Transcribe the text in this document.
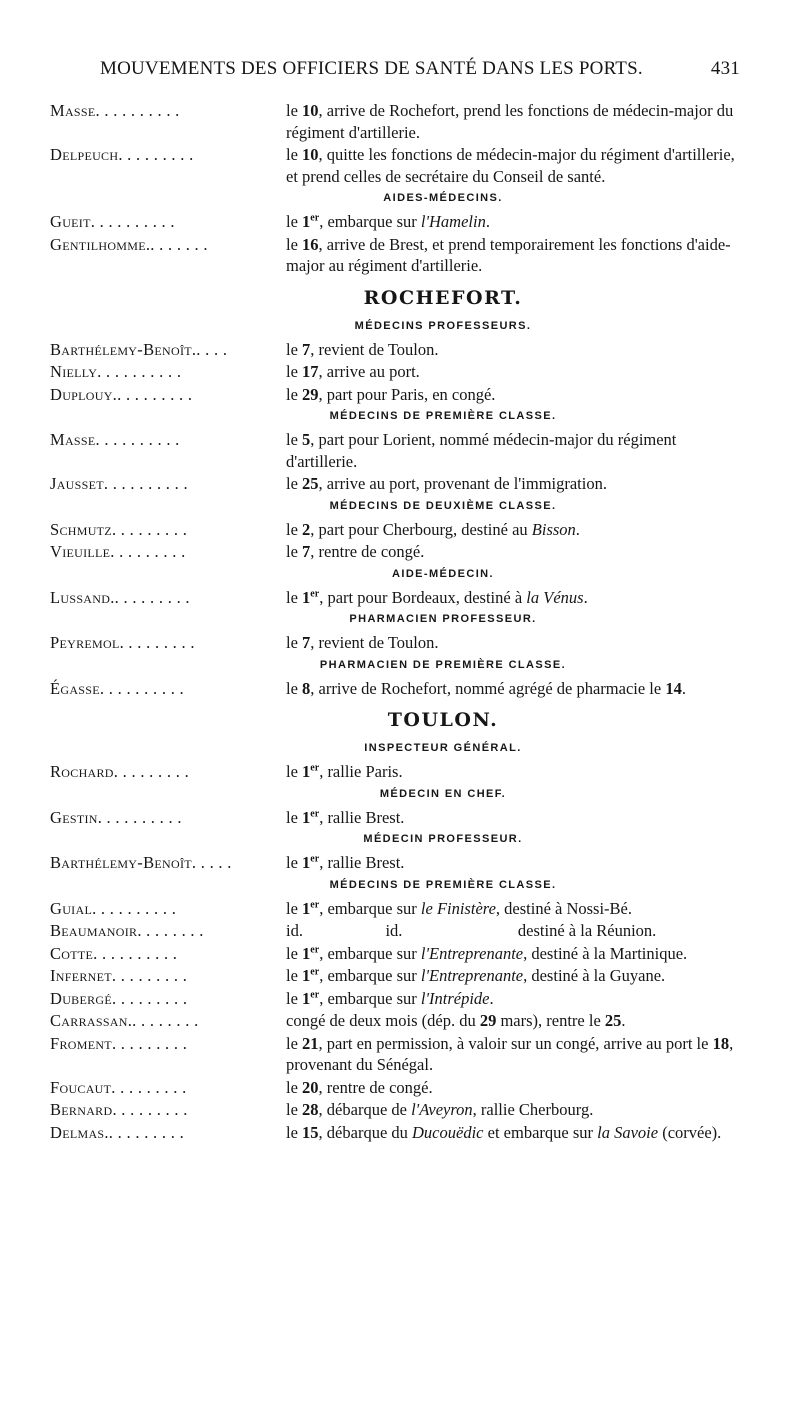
MOUVEMENTS DES OFFICIERS DE SANTÉ DANS LES PORTS.	431
Masse. . . . . . . . . .	le 10, arrive de Rochefort, prend les fonctions de médecin-major du régiment d'artillerie.
Delpeuch. . . . . . . . .	le 10, quitte les fonctions de médecin-major du régiment d'artillerie, et prend celles de secrétaire du Conseil de santé.
AIDES-MÉDECINS.
Gueit. . . . . . . . . .	le 1er, embarque sur l'Hamelin.
Gentilhomme.. . . . . . .	le 16, arrive de Brest, et prend temporairement les fonctions d'aide-major au régiment d'artillerie.
ROCHEFORT.
MÉDECINS PROFESSEURS.
Barthélemy-Benoît.. . . .	le 7, revient de Toulon.
Nielly. . . . . . . . . .	le 17, arrive au port.
Duplouy.. . . . . . . . .	le 29, part pour Paris, en congé.
MÉDECINS DE PREMIÈRE CLASSE.
Masse. . . . . . . . . .	le 5, part pour Lorient, nommé médecin-major du régiment d'artillerie.
Jausset. . . . . . . . . .	le 25, arrive au port, provenant de l'immigration.
MÉDECINS DE DEUXIÈME CLASSE.
Schmutz. . . . . . . . .	le 2, part pour Cherbourg, destiné au Bisson.
Vieuille. . . . . . . . .	le 7, rentre de congé.
AIDE-MÉDECIN.
Lussand.. . . . . . . . .	le 1er, part pour Bordeaux, destiné à la Vénus.
PHARMACIEN PROFESSEUR.
Peyremol. . . . . . . . .	le 7, revient de Toulon.
PHARMACIEN DE PREMIÈRE CLASSE.
Égasse. . . . . . . . . .	le 8, arrive de Rochefort, nommé agrégé de pharmacie le 14.
TOULON.
INSPECTEUR GÉNÉRAL.
Rochard. . . . . . . . .	le 1er, rallie Paris.
MÉDECIN EN CHEF.
Gestin. . . . . . . . . .	le 1er, rallie Brest.
MÉDECIN PROFESSEUR.
Barthélemy-Benoît. . . . .	le 1er, rallie Brest.
MÉDECINS DE PREMIÈRE CLASSE.
Guial. . . . . . . . . .	le 1er, embarque sur le Finistère, destiné à Nossi-Bé.
Beaumanoir. . . . . . . .	id.                    id.                            destiné à la Réunion.
Cotte. . . . . . . . . .	le 1er, embarque sur l'Entreprenante, destiné à la Martinique.
Infernet. . . . . . . . .	le 1er, embarque sur l'Entreprenante, destiné à la Guyane.
Dubergé. . . . . . . . .	le 1er, embarque sur l'Intrépide.
Carrassan.. . . . . . . .	congé de deux mois (dép. du 29 mars), rentre le 25.
Froment. . . . . . . . .	le 21, part en permission, à valoir sur un congé, arrive au port le 18, provenant du Sénégal.
Foucaut. . . . . . . . .	le 20, rentre de congé.
Bernard. . . . . . . . .	le 28, débarque de l'Aveyron, rallie Cherbourg.
Delmas.. . . . . . . . .	le 15, débarque du Ducouëdic et embarque sur la Savoie (corvée).
